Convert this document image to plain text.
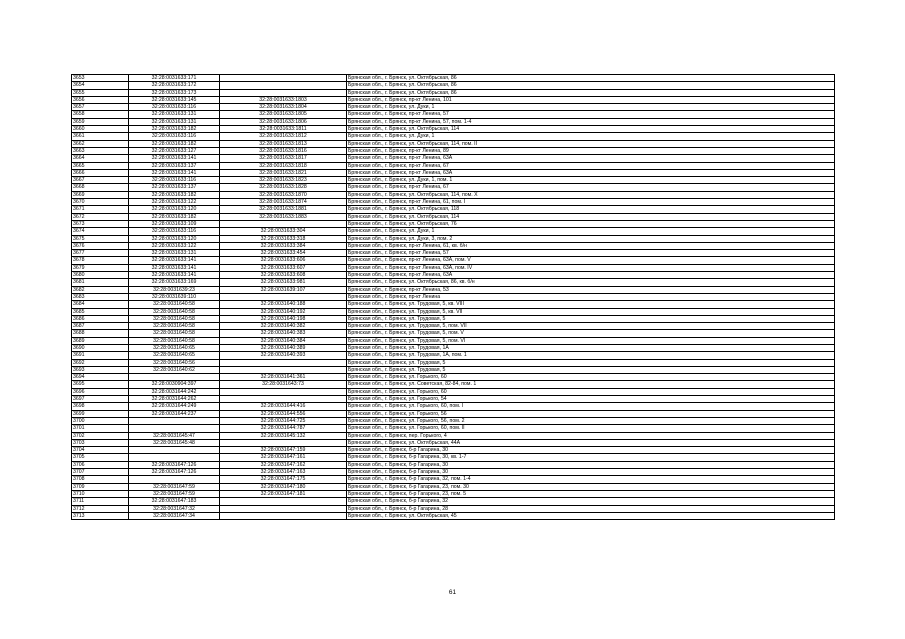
3653	32:28:0031633:171		Брянская обл., г. Брянск, ул. Октябрьская, 86
3654	32:28:0031633:172		Брянская обл., г. Брянск, ул. Октябрьская, 86
3655	32:28:0031633:173		Брянская обл., г. Брянск, ул. Октябрьская, 86
3656	32:28:0031633:145	32:28:0031633:1803	Брянская обл., г. Брянск, пр-кт Ленина, 101
3657	32:28:0031633:116	32:28:0031633:1804	Брянская обл., г. Брянск, ул. Дуки, 1
3658	32:28:0031633:131	32:28:0031633:1805	Брянская обл., г. Брянск, пр-кт Ленина, 57
3659	32:28:0031633:131	32:28:0031633:1806	Брянская обл., г. Брянск, пр-кт Ленина, 57, пом. 1-4
3660	32:28:0031633:182	32:28:0031633:1811	Брянская обл., г. Брянск, ул. Октябрьская, 114
3661	32:28:0031633:116	32:28:0031633:1812	Брянская обл., г. Брянск, ул. Дуки, 1
3662	32:28:0031633:182	32:28:0031633:1813	Брянская обл., г. Брянск, ул. Октябрьская, 114, пом. II
3663	32:28:0031633:127	32:28:0031633:1816	Брянская обл., г. Брянск, пр-кт Ленина, 89
3664	32:28:0031633:141	32:28:0031633:1817	Брянская обл., г. Брянск, пр-кт Ленина, 63А
3665	32:28:0031633:137	32:28:0031633:1818	Брянская обл., г. Брянск, пр-кт Ленина, 67
3666	32:28:0031633:141	32:28:0031633:1821	Брянская обл., г. Брянск, пр-кт Ленина, 63А
3667	32:28:0031633:116	32:28:0031633:1823	Брянская обл., г. Брянск, ул. Дуки, 1, пом. 1
3668	32:28:0031633:137	32:28:0031633:1828	Брянская обл., г. Брянск, пр-кт Ленина, 67
3669	32:28:0031633:182	32:28:0031633:1870	Брянская обл., г. Брянск, ул. Октябрьская, 114, пом. X
3670	32:28:0031633:122	32:28:0031633:1874	Брянская обл., г. Брянск, пр-кт Ленина, 61, пом. I
3671	32:28:0031633:120	32:28:0031633:1881	Брянская обл., г. Брянск, ул. Октябрьская, 118
3672	32:28:0031633:182	32:28:0031633:1883	Брянская обл., г. Брянск, ул. Октябрьская, 114
3673	32:28:0031633:109		Брянская обл., г. Брянск, ул. Октябрьская, 76
3674	32:28:0031633:116	32:28:0031633:304	Брянская обл., г. Брянск, ул. Дуки, 1
3675	32:28:0031633:120	32:28:0031633:318	Брянская обл., г. Брянск, ул. Дуки, 3, пом. 2
3676	32:28:0031633:122	32:28:0031633:384	Брянская обл., г. Брянск, пр-кт Ленина, 61, кв. б/н
3677	32:28:0031633:131	32:28:0031633:454	Брянская обл., г. Брянск, пр-кт Ленина, 57
3678	32:28:0031633:141	32:28:0031633:606	Брянская обл., г. Брянск, пр-кт Ленина, 63А, пом. V
3679	32:28:0031633:141	32:28:0031633:607	Брянская обл., г. Брянск, пр-кт Ленина, 63А, пом. IV
3680	32:28:0031633:141	32:28:0031633:608	Брянская обл., г. Брянск, пр-кт Ленина, 63А
3681	32:28:0031633:169	32:28:0031633:981	Брянская обл., г. Брянск, ул. Октябрьская, 86, кв. б/н
3682	32:28:0031639:23	32:28:0031639:107	Брянская обл., г. Брянск, пр-кт Ленина, 53
3683	32:28:0031639:110		Брянская обл., г. Брянск, пр-кт Ленина
3684	32:28:0031640:58	32:28:0031640:188	Брянская обл., г. Брянск, ул. Трудовая, 5, кв. VIII
3685	32:28:0031640:58	32:28:0031640:192	Брянская обл., г. Брянск, ул. Трудовая, 5, кв. VII
3686	32:28:0031640:58	32:28:0031640:198	Брянская обл., г. Брянск, ул. Трудовая, 5
3687	32:28:0031640:58	32:28:0031640:382	Брянская обл., г. Брянск, ул. Трудовая, 5, пом. VII
3688	32:28:0031640:58	32:28:0031640:383	Брянская обл., г. Брянск, ул. Трудовая, 5, пом. V
3689	32:28:0031640:58	32:28:0031640:384	Брянская обл., г. Брянск, ул. Трудовая, 5, пом. VI
3690	32:28:0031640:65	32:28:0031640:389	Брянская обл., г. Брянск, ул. Трудовая, 1А
3691	32:28:0031640:65	32:28:0031640:393	Брянская обл., г. Брянск, ул. Трудовая, 1А, пом. 1
3692	32:28:0031640:56		Брянская обл., г. Брянск, ул. Трудовая, 5
3693	32:28:0031640:62		Брянская обл., г. Брянск, ул. Трудовая, 5
3694		32:28:0031641:361	Брянская обл., г. Брянск, ул. Горького, 60
3695	32:28:0030904:397	32:28:0031643:73	Брянская обл., г. Брянск, ул. Советская, 82-84, пом. 1
3696	32:28:0031644:242		Брянская обл., г. Брянск, ул. Горького, 60
3697	32:28:0031644:262		Брянская обл., г. Брянск, ул. Горького, 54
3698	32:28:0031644:249	32:28:0031644:416	Брянская обл., г. Брянск, ул. Горького, 60, пом. I
3699	32:28:0031644:237	32:28:0031644:556	Брянская обл., г. Брянск, ул. Горького, 56
3700		32:28:0031644:725	Брянская обл., г. Брянск, ул. Горького, 56, пом. 2
3701		32:28:0031644:787	Брянская обл., г. Брянск, ул. Горького, 60, пом. II
3702	32:28:0031645:47	32:28:0031645:132	Брянская обл., г. Брянск, пер. Горького, 4
3703	32:28:0031645:48		Брянская обл., г. Брянск, ул. Октябрьская, 44А
3704		32:28:0031647:159	Брянская обл., г. Брянск, б-р Гагарина, 30
3705		32:28:0031647:161	Брянская обл., г. Брянск, б-р Гагарина, 30, кв. 1-7
3706	32:28:0031647:126	32:28:0031647:162	Брянская обл., г. Брянск, б-р Гагарина, 30
3707	32:28:0031647:126	32:28:0031647:163	Брянская обл., г. Брянск, б-р Гагарина, 30
3708		32:28:0031647:175	Брянская обл., г. Брянск, б-р Гагарина, 32, пом. 1-4
3709	32:28:0031647:59	32:28:0031647:180	Брянская обл., г. Брянск, б-р Гагарина, 23, пом. 30
3710	32:28:0031647:59	32:28:0031647:181	Брянская обл., г. Брянск, б-р Гагарина, 23, пом. 5
3711	32:28:0031647:183		Брянская обл., г. Брянск, б-р Гагарина, 32
3712	32:28:0031647:32		Брянская обл., г. Брянск, б-р Гагарина, 28
3713	32:28:0031647:34		Брянская обл., г. Брянск, ул. Октябрьская, 45
61
